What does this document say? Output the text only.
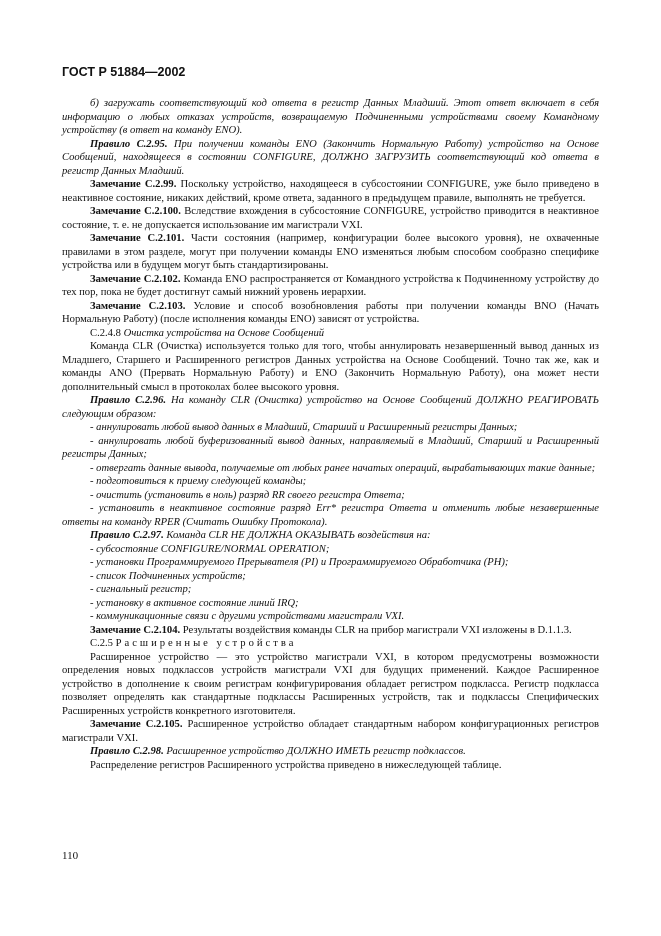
ГОСТ Р 51884—2002

б) загружать соответствующий код ответа в регистр Данных Младший. Этот ответ включает в себя информацию о любых отказах устройств, возвращаемую Подчиненными устройствами своему Командному устройству (в ответ на команду ENO).

Правило С.2.95. При получении команды ENO (Закончить Нормальную Работу) устройство на Основе Сообщений, находящееся в состоянии CONFIGURE, ДОЛЖНО ЗАГРУЗИТЬ соответствующий код ответа в регистр Данных Младший.

Замечание С.2.99. Поскольку устройство, находящееся в субсостоянии CONFIGURE, уже было приведено в неактивное состояние, никаких действий, кроме ответа, заданного в предыдущем правиле, выполнять не требуется.

Замечание С.2.100. Вследствие вхождения в субсостояние CONFIGURE, устройство приводится в неактивное состояние, т. е. не допускается использование им магистрали VXI.

Замечание С.2.101. Части состояния (например, конфигурации более высокого уровня), не охваченные правилами в этом разделе, могут при получении команды ENO изменяться любым способом сообразно специфике устройства или в будущем могут быть стандартизированы.

Замечание С.2.102. Команда ENO распространяется от Командного устройства к Подчиненному устройству до тех пор, пока не будет достигнут самый нижний уровень иерархии.

Замечание С.2.103. Условие и способ возобновления работы при получении команды BNO (Начать Нормальную Работу) (после исполнения команды ENO) зависят от устройства.

С.2.4.8 Очистка устройства на Основе Сообщений

Команда CLR (Очистка) используется только для того, чтобы аннулировать незавершенный вывод данных из Младшего, Старшего и Расширенного регистров Данных устройства на Основе Сообщений. Точно так же, как и команды ANO (Прервать Нормальную Работу) и ENO (Закончить Нормальную Работу), она может нести дополнительный смысл в протоколах более высокого уровня.

Правило С.2.96. На команду CLR (Очистка) устройство на Основе Сообщений ДОЛЖНО РЕАГИРОВАТЬ следующим образом:

- аннулировать любой вывод данных в Младший, Старший и Расширенный регистры Данных;

- аннулировать любой буферизованный вывод данных, направляемый в Младший, Старший и Расширенный регистры Данных;

- отвергать данные вывода, получаемые от любых ранее начатых операций, вырабатывающих такие данные;

- подготовиться к приему следующей команды;

- очистить (установить в ноль) разряд RR своего регистра Ответа;

- установить в неактивное состояние разряд Err* регистра Ответа и отменить любые незавершенные ответы на команду RPER (Считать Ошибку Протокола).

Правило С.2.97. Команда CLR НЕ ДОЛЖНА ОКАЗЫВАТЬ воздействия на:

- субсостояние CONFIGURE/NORMAL OPERATION;

- установки Программируемого Прерывателя (PI) и Программируемого Обработчика (PH);

- список Подчиненных устройств;

- сигнальный регистр;

- установку в активное состояние линий IRQ;

- коммуникационные связи с другими устройствами магистрали VXI.

Замечание С.2.104. Результаты воздействия команды CLR на прибор магистрали VXI изложены в D.1.1.3.

С.2.5 Расширенные устройства

Расширенное устройство — это устройство магистрали VXI, в котором предусмотрены возможности определения новых подклассов устройств магистрали VXI для будущих применений. Каждое Расширенное устройство в дополнение к своим регистрам конфигурирования обладает регистром подкласса. Регистр подкласса позволяет определять как стандартные подклассы Расширенных устройств, так и подклассы Специфических Расширенных устройств конкретного изготовителя.

Замечание С.2.105. Расширенное устройство обладает стандартным набором конфигурационных регистров магистрали VXI.

Правило С.2.98. Расширенное устройство ДОЛЖНО ИМЕТЬ регистр подклассов.

Распределение регистров Расширенного устройства приведено в нижеследующей таблице.

110
